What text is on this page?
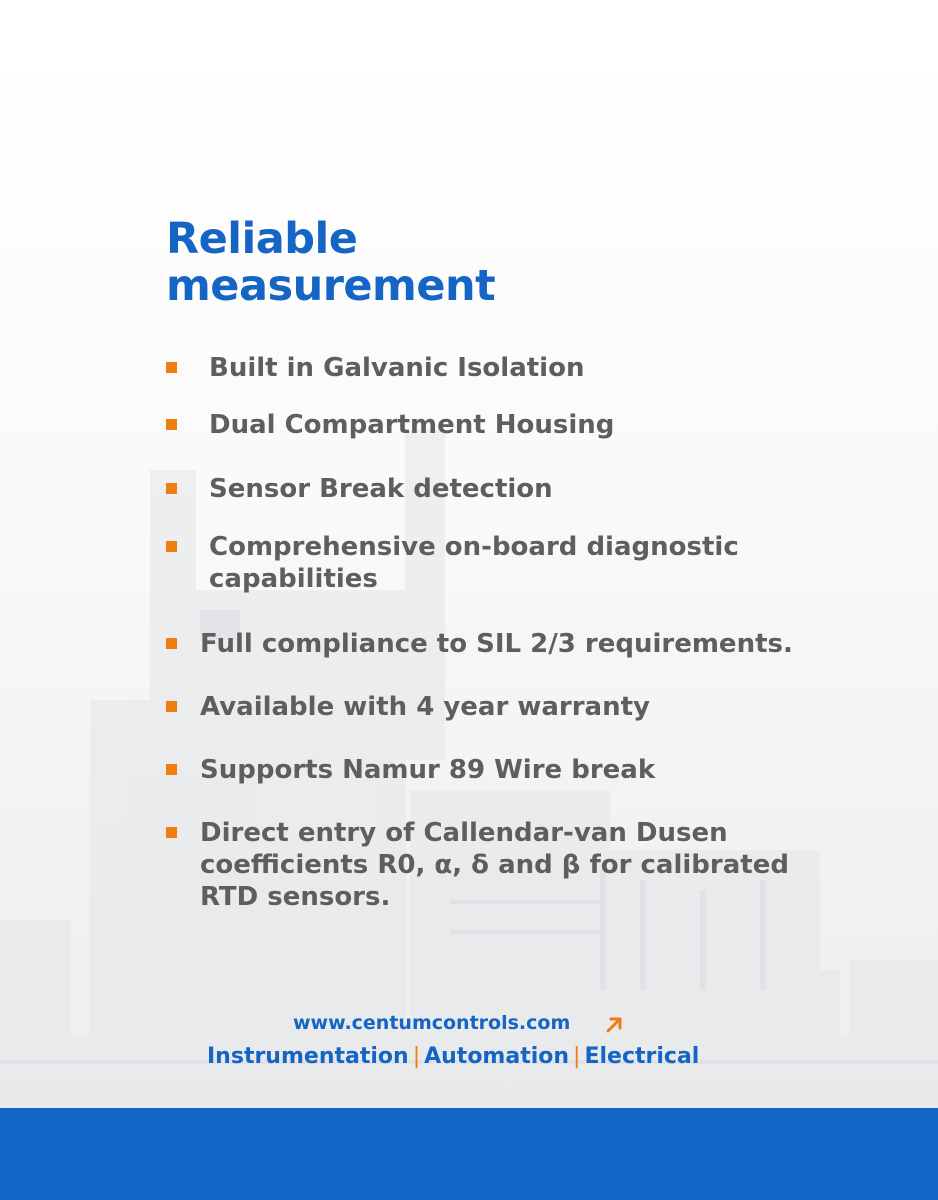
Reliable
measurement
Built in Galvanic Isolation
Dual Compartment Housing
Sensor Break detection
Comprehensive on-board diagnostic
capabilities
Full compliance to SIL 2/3 requirements.
Available with 4 year warranty
Supports Namur 89 Wire break
Direct entry of Callendar-van Dusen
coefficients R0, α, δ and β for calibrated
RTD sensors.
www.centumcontrols.com
Instrumentation | Automation | Electrical
